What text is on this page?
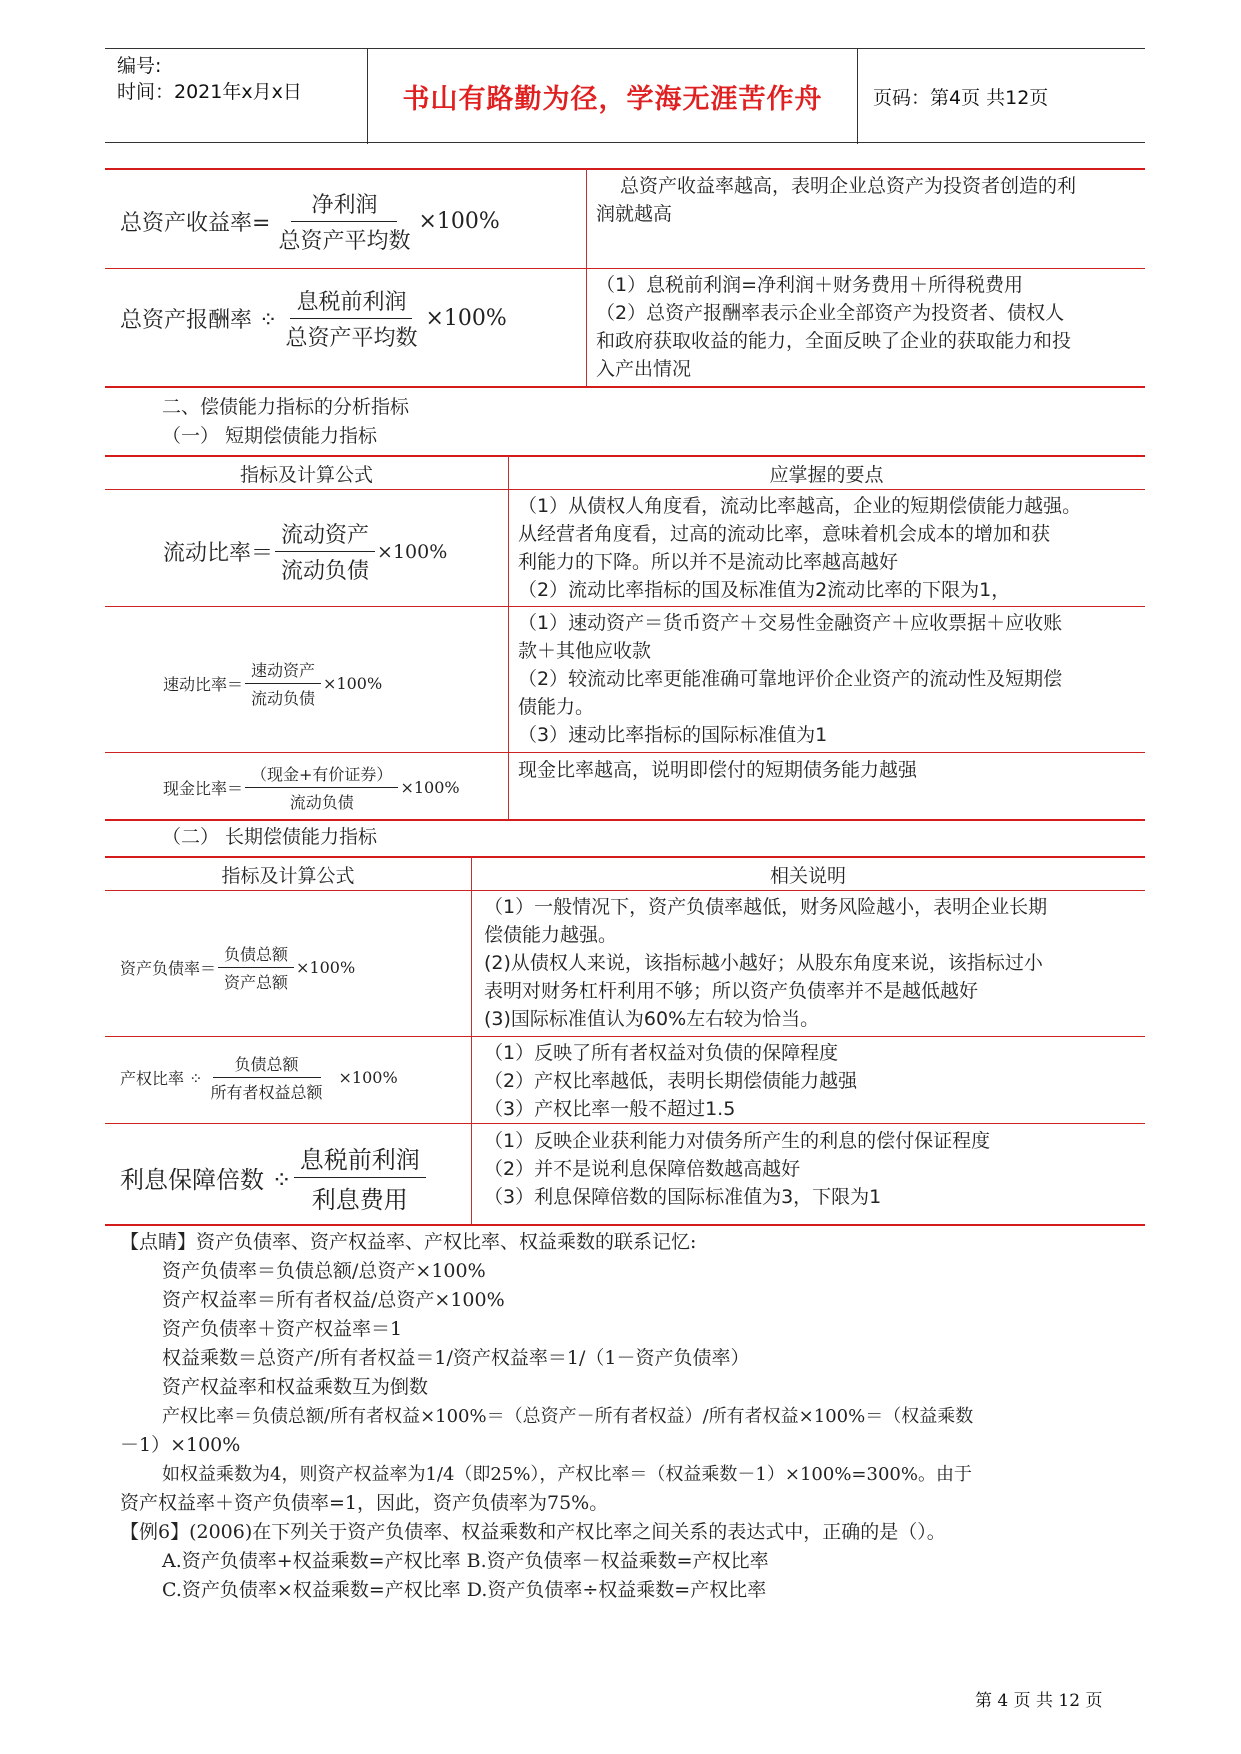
编号:
时间：2021年x月x日	书山有路勤为径，学海无涯苦作舟	页码：第4页 共12页
总资产收益率= $\frac{\text{净利润}}{\text{总资产平均数}} \times 100\%$
总资产收益率越高，表明企业总资产为投资者创造的利
润就越高
总资产报酬率 ⁘ $\frac{\text{息税前利润}}{\text{总资产平均数}} \times 100\%$
（1）息税前利润=净利润＋财务费用＋所得税费用
（2）总资产报酬率表示企业全部资产为投资者、债权人
和政府获取收益的能力，全面反映了企业的获取能力和投
入产出情况
二、偿债能力指标的分析指标
（一） 短期偿债能力指标
指标及计算公式	应掌握的要点
流动比率＝ $\frac{\text{流动资产}}{\text{流动负债}} \times 100\%$
（1）从债权人角度看，流动比率越高，企业的短期偿债能力越强。
从经营者角度看，过高的流动比率，意味着机会成本的增加和获
利能力的下降。所以并不是流动比率越高越好
（2）流动比率指标的国及标准值为2流动比率的下限为1，
速动比率＝ $\frac{\text{速动资产}}{\text{流动负债}} \times 100\%$
（1）速动资产＝货币资产＋交易性金融资产＋应收票据＋应收账
款＋其他应收款
（2）较流动比率更能准确可靠地评价企业资产的流动性及短期偿
债能力。
（3）速动比率指标的国际标准值为1
现金比率＝ $\frac{\text{（现金+有价证券）}}{\text{流动负债}} \times 100\%$
现金比率越高，说明即偿付的短期债务能力越强
（二） 长期偿债能力指标
指标及计算公式	相关说明
资产负债率＝ $\frac{\text{负债总额}}{\text{资产总额}} \times 100\%$
（1）一般情况下，资产负债率越低，财务风险越小，表明企业长期
偿债能力越强。
(2)从债权人来说，该指标越小越好；从股东角度来说，该指标过小
表明对财务杠杆利用不够；所以资产负债率并不是越低越好
(3)国际标准值认为60%左右较为恰当。
产权比率 ⁘ $\frac{\text{负债总额}}{\text{所有者权益总额}} \times 100\%$
（1）反映了所有者权益对负债的保障程度
（2）产权比率越低，表明长期偿债能力越强
（3）产权比率一般不超过1.5
利息保障倍数 ⁘ $\frac{\text{息税前利润}}{\text{利息费用}}$	（1）反映企业获利能力对债务所产生的利息的偿付保证程度
（2）并不是说利息保障倍数越高越好
（3）利息保障倍数的国际标准值为3，下限为1
【点睛】资产负债率、资产权益率、产权比率、权益乘数的联系记忆:
资产负债率＝负债总额/总资产×100%
资产权益率＝所有者权益/总资产×100%
资产负债率＋资产权益率＝1
权益乘数＝总资产/所有者权益＝1/资产权益率＝1/（1－资产负债率）
资产权益率和权益乘数互为倒数
产权比率＝负债总额/所有者权益×100%＝（总资产－所有者权益）/所有者权益×100%＝（权益乘数
－1）×100%
如权益乘数为4，则资产权益率为1/4（即25%），产权比率＝（权益乘数－1）×100%=300%。由于
资产权益率＋资产负债率=1，因此，资产负债率为75%。
【例6】(2006)在下列关于资产负债率、权益乘数和产权比率之间关系的表达式中，正确的是（）。
A.资产负债率+权益乘数=产权比率 B.资产负债率－权益乘数=产权比率
C.资产负债率×权益乘数=产权比率 D.资产负债率÷权益乘数=产权比率
第 4 页 共 12 页
